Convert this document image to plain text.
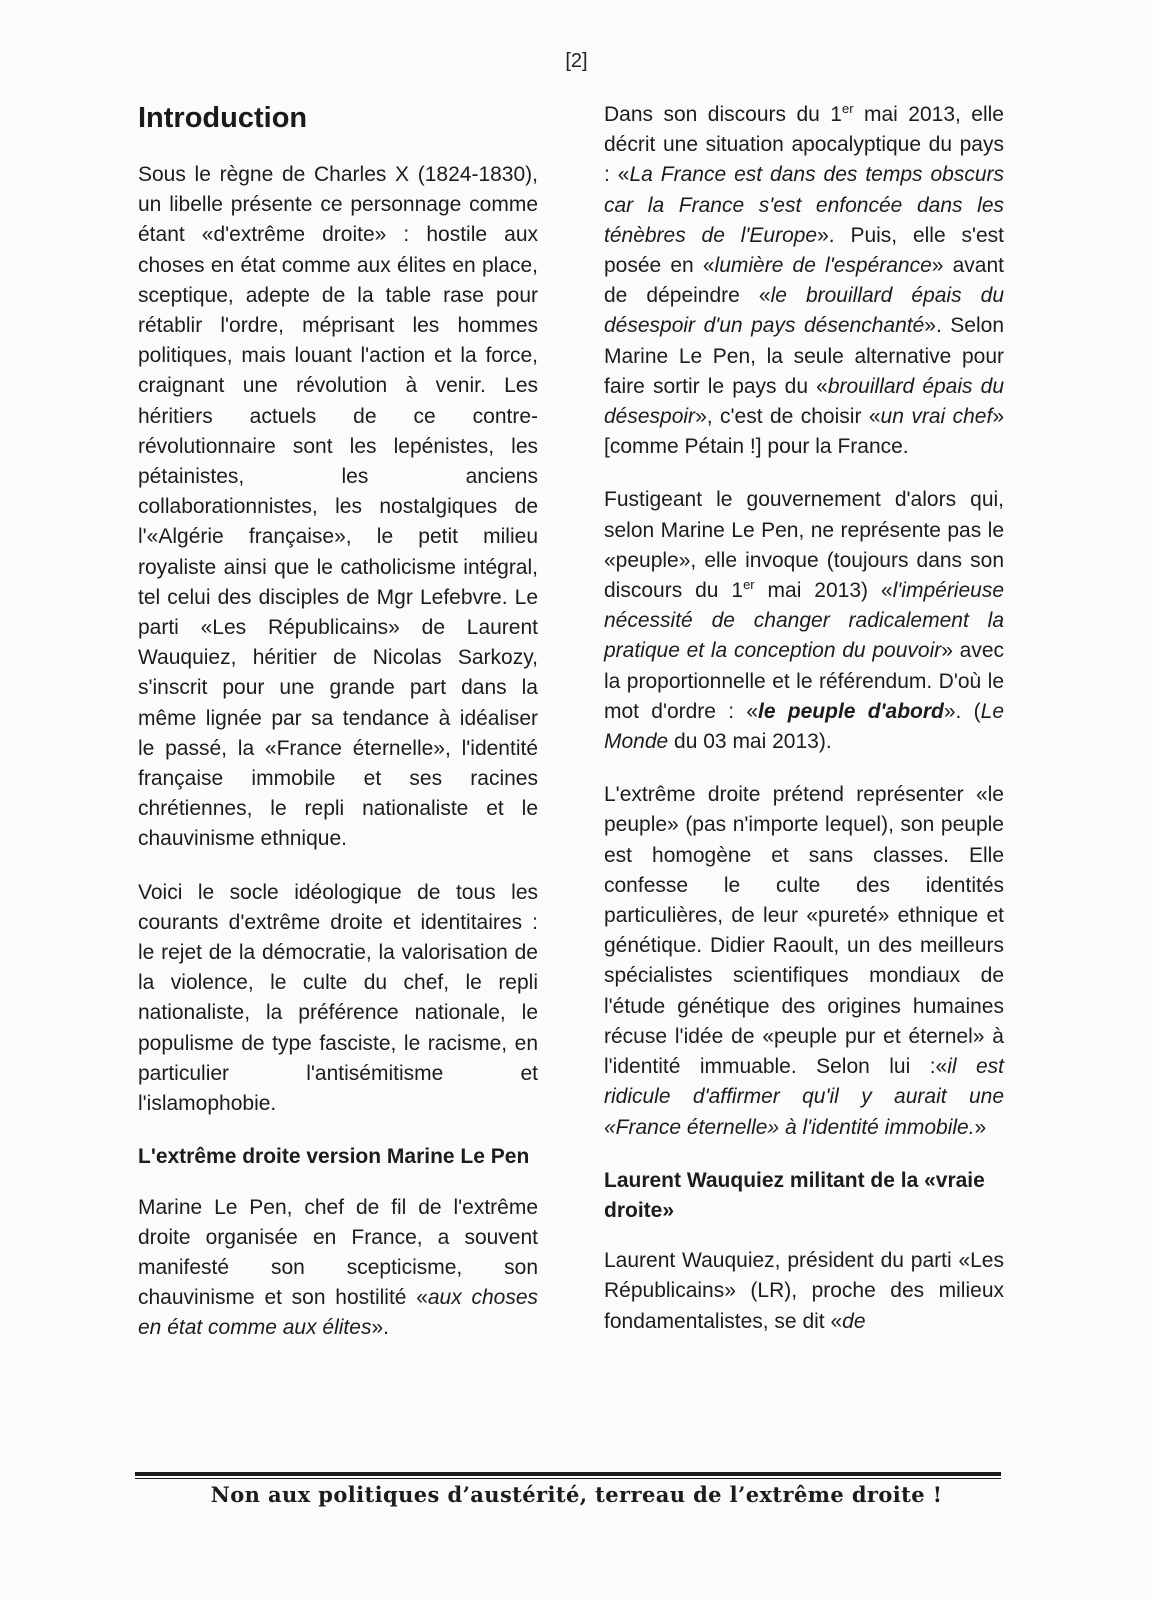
[2]
Introduction

Sous le règne de Charles X (1824-1830), un libelle présente ce personnage comme étant «d'extrême droite» : hostile aux choses en état comme aux élites en place, sceptique, adepte de la table rase pour rétablir l'ordre, méprisant les hommes politiques, mais louant l'action et la force, craignant une révolution à venir. Les héritiers actuels de ce contre-révolutionnaire sont les lepénistes, les pétainistes, les anciens collaborationnistes, les nostalgiques de l'«Algérie française», le petit milieu royaliste ainsi que le catholicisme intégral, tel celui des disciples de Mgr Lefebvre. Le parti «Les Républicains» de Laurent Wauquiez, héritier de Nicolas Sarkozy, s'inscrit pour une grande part dans la même lignée par sa tendance à idéaliser le passé, la «France éternelle», l'identité française immobile et ses racines chrétiennes, le repli nationaliste et le chauvinisme ethnique.

Voici le socle idéologique de tous les courants d'extrême droite et identitaires : le rejet de la démocratie, la valorisation de la violence, le culte du chef, le repli nationaliste, la préférence nationale, le populisme de type fasciste, le racisme, en particulier l'antisémitisme et l'islamophobie.

L'extrême droite version Marine Le Pen

Marine Le Pen, chef de fil de l'extrême droite organisée en France, a souvent manifesté son scepticisme, son chauvinisme et son hostilité «aux choses en état comme aux élites».

Dans son discours du 1er mai 2013, elle décrit une situation apocalyptique du pays : «La France est dans des temps obscurs car la France s'est enfoncée dans les ténèbres de l'Europe». Puis, elle s'est posée en «lumière de l'espérance» avant de dépeindre «le brouillard épais du désespoir d'un pays désenchanté». Selon Marine Le Pen, la seule alternative pour faire sortir le pays du «brouillard épais du désespoir», c'est de choisir «un vrai chef» [comme Pétain !] pour la France.

Fustigeant le gouvernement d'alors qui, selon Marine Le Pen, ne représente pas le «peuple», elle invoque (toujours dans son discours du 1er mai 2013) «l'impérieuse nécessité de changer radicalement la pratique et la conception du pouvoir» avec la proportionnelle et le référendum. D'où le mot d'ordre : «le peuple d'abord». (Le Monde du 03 mai 2013).

L'extrême droite prétend représenter «le peuple» (pas n'importe lequel), son peuple est homogène et sans classes. Elle confesse le culte des identités particulières, de leur «pureté» ethnique et génétique. Didier Raoult, un des meilleurs spécialistes scientifiques mondiaux de l'étude génétique des origines humaines récuse l'idée de «peuple pur et éternel» à l'identité immuable. Selon lui :«il est ridicule d'affirmer qu'il y aurait une «France éternelle» à l'identité immobile.»

Laurent Wauquiez militant de la «vraie droite»

Laurent Wauquiez, président du parti «Les Républicains» (LR), proche des milieux fondamentalistes, se dit «de

Non aux politiques d’austérité, terreau de l’extrême droite !
